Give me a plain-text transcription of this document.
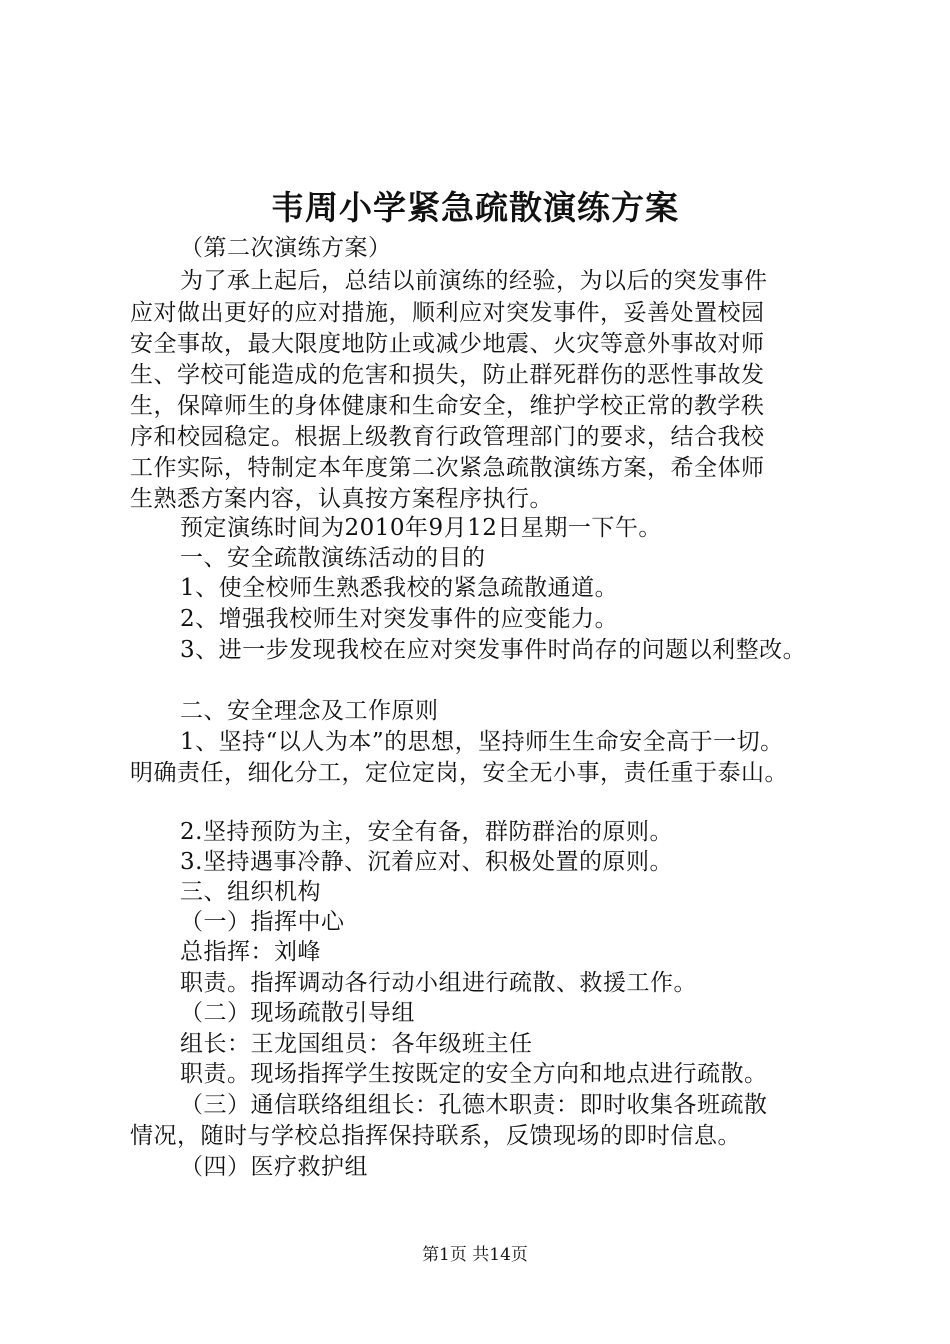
韦周小学紧急疏散演练方案
（第二次演练方案）
为了承上起后，总结以前演练的经验，为以后的突发事件
应对做出更好的应对措施，顺利应对突发事件，妥善处置校园
安全事故，最大限度地防止或减少地震、火灾等意外事故对师
生、学校可能造成的危害和损失，防止群死群伤的恶性事故发
生，保障师生的身体健康和生命安全，维护学校正常的教学秩
序和校园稳定。根据上级教育行政管理部门的要求，结合我校
工作实际，特制定本年度第二次紧急疏散演练方案，希全体师
生熟悉方案内容，认真按方案程序执行。
预定演练时间为2010年9月12日星期一下午。
一、安全疏散演练活动的目的
1、使全校师生熟悉我校的紧急疏散通道。
2、增强我校师生对突发事件的应变能力。
3、进一步发现我校在应对突发事件时尚存的问题以利整改。
二、安全理念及工作原则
1、坚持“以人为本”的思想，坚持师生生命安全高于一切。
明确责任，细化分工，定位定岗，安全无小事，责任重于泰山。
2.坚持预防为主，安全有备，群防群治的原则。
3.坚持遇事冷静、沉着应对、积极处置的原则。
三、组织机构
（一）指挥中心
总指挥：刘峰
职责。指挥调动各行动小组进行疏散、救援工作。
（二）现场疏散引导组
组长：王龙国组员：各年级班主任
职责。现场指挥学生按既定的安全方向和地点进行疏散。
（三）通信联络组组长：孔德木职责：即时收集各班疏散
情况，随时与学校总指挥保持联系，反馈现场的即时信息。
（四）医疗救护组
第1页 共14页
